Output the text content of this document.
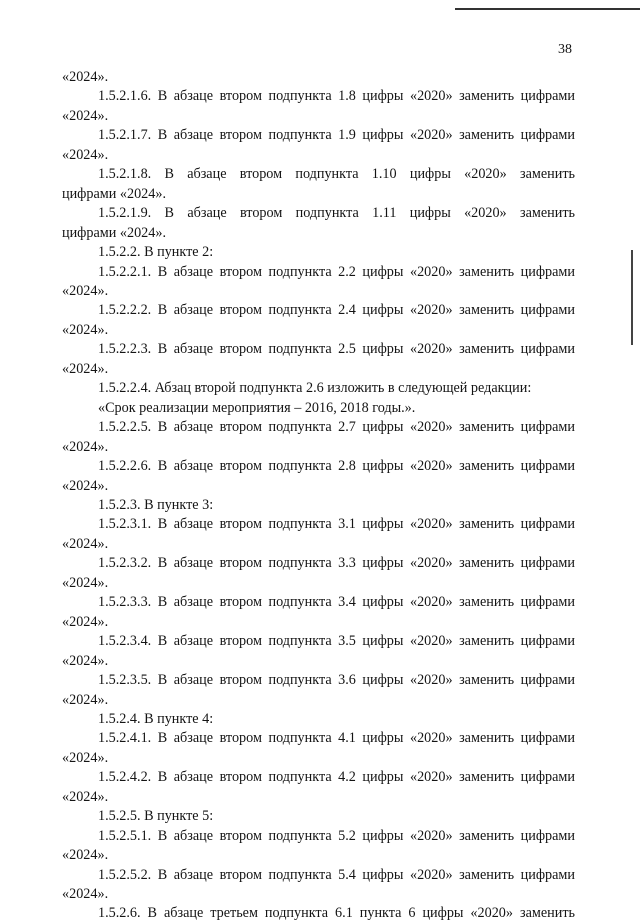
38
«2024».
1.5.2.1.6. В абзаце втором подпункта 1.8 цифры «2020» заменить цифрами
«2024».
1.5.2.1.7. В абзаце втором подпункта 1.9 цифры «2020» заменить цифрами
«2024».
1.5.2.1.8. В абзаце втором подпункта 1.10 цифры «2020» заменить
цифрами «2024».
1.5.2.1.9. В абзаце втором подпункта 1.11 цифры «2020» заменить
цифрами «2024».
1.5.2.2. В пункте 2:
1.5.2.2.1. В абзаце втором подпункта 2.2 цифры «2020» заменить цифрами
«2024».
1.5.2.2.2. В абзаце втором подпункта 2.4 цифры «2020» заменить цифрами
«2024».
1.5.2.2.3. В абзаце втором подпункта 2.5 цифры «2020» заменить цифрами
«2024».
1.5.2.2.4. Абзац второй подпункта 2.6 изложить в следующей редакции:
«Срок реализации мероприятия – 2016, 2018 годы.».
1.5.2.2.5. В абзаце втором подпункта 2.7 цифры «2020» заменить цифрами
«2024».
1.5.2.2.6. В абзаце втором подпункта 2.8 цифры «2020» заменить цифрами
«2024».
1.5.2.3. В пункте 3:
1.5.2.3.1. В абзаце втором подпункта 3.1 цифры «2020» заменить цифрами
«2024».
1.5.2.3.2. В абзаце втором подпункта 3.3 цифры «2020» заменить цифрами
«2024».
1.5.2.3.3. В абзаце втором подпункта 3.4 цифры «2020» заменить цифрами
«2024».
1.5.2.3.4. В абзаце втором подпункта 3.5 цифры «2020» заменить цифрами
«2024».
1.5.2.3.5. В абзаце втором подпункта 3.6 цифры «2020» заменить цифрами
«2024».
1.5.2.4. В пункте 4:
1.5.2.4.1. В абзаце втором подпункта 4.1 цифры «2020» заменить цифрами
«2024».
1.5.2.4.2. В абзаце втором подпункта 4.2 цифры «2020» заменить цифрами
«2024».
1.5.2.5. В пункте 5:
1.5.2.5.1. В абзаце втором подпункта 5.2 цифры «2020» заменить цифрами
«2024».
1.5.2.5.2. В абзаце втором подпункта 5.4 цифры «2020» заменить цифрами
«2024».
1.5.2.6. В абзаце третьем подпункта 6.1 пункта 6 цифры «2020» заменить
